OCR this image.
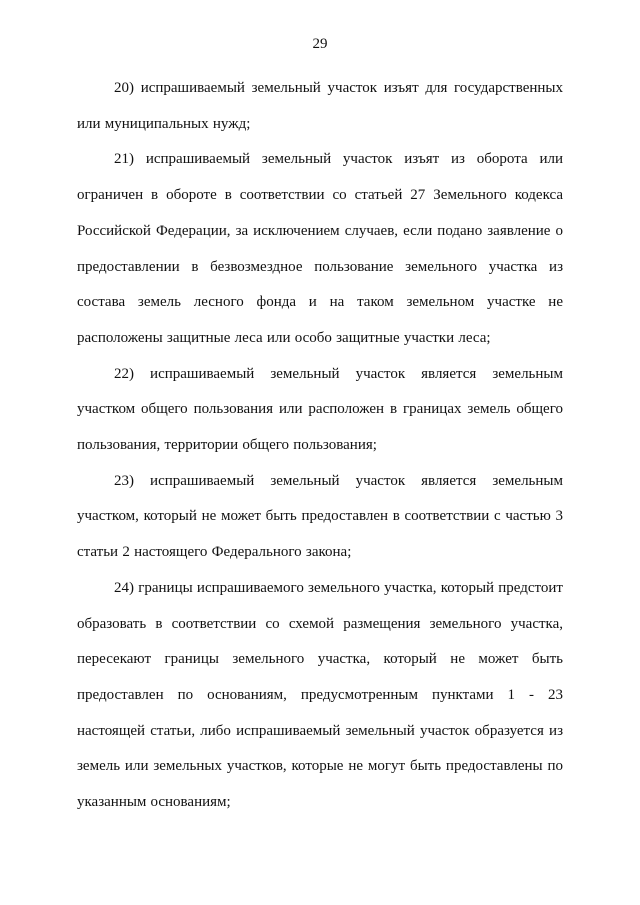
29

20) испрашиваемый земельный участок изъят для государственных или муниципальных нужд;

21) испрашиваемый земельный участок изъят из оборота или ограничен в обороте в соответствии со статьей 27 Земельного кодекса Российской Федерации, за исключением случаев, если подано заявление о предоставлении в безвозмездное пользование земельного участка из состава земель лесного фонда и на таком земельном участке не расположены защитные леса или особо защитные участки леса;

22) испрашиваемый земельный участок является земельным участком общего пользования или расположен в границах земель общего пользования, территории общего пользования;

23) испрашиваемый земельный участок является земельным участком, который не может быть предоставлен в соответствии с частью 3 статьи 2 настоящего Федерального закона;

24) границы испрашиваемого земельного участка, который предстоит образовать в соответствии со схемой размещения земельного участка, пересекают границы земельного участка, который не может быть предоставлен по основаниям, предусмотренным пунктами 1 - 23 настоящей статьи, либо испрашиваемый земельный участок образуется из земель или земельных участков, которые не могут быть предоставлены по указанным основаниям;
